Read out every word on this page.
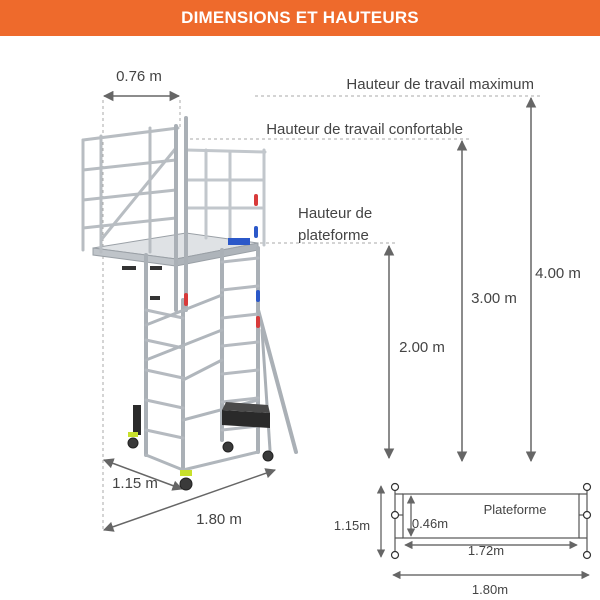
DIMENSIONS ET HAUTEURS
0.76 m	Hauteur de travail maximum
Hauteur de travail confortable
Hauteur de
plateforme
2.00 m
3.00 m
4.00 m
1.15 m
1.80 m
Plateforme
1.15m	0.46m
1.72m
1.80m
